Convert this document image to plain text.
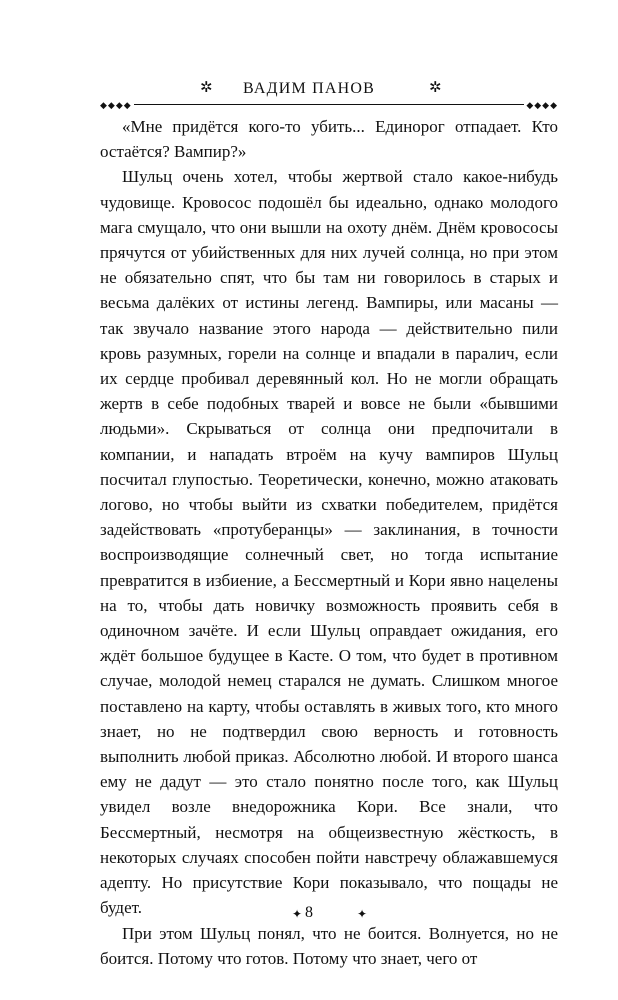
✲	ВАДИМ ПАНОВ	✲
◆◆◆◆	◆◆◆◆

«Мне придётся кого-то убить... Единорог отпадает. Кто остаётся? Вампир?»

Шульц очень хотел, чтобы жертвой стало какое-нибудь чудовище. Кровосос подошёл бы идеально, однако молодого мага смущало, что они вышли на охоту днём. Днём кровососы прячутся от убийственных для них лучей солнца, но при этом не обязательно спят, что бы там ни говорилось в старых и весьма далёких от истины легенд. Вампиры, или масаны — так звучало название этого народа — действительно пили кровь разумных, горели на солнце и впадали в паралич, если их сердце пробивал деревянный кол. Но не могли обращать жертв в себе подобных тварей и вовсе не были «бывшими людьми». Скрываться от солнца они предпочитали в компании, и нападать втроём на кучу вампиров Шульц посчитал глупостью. Теоретически, конечно, можно атаковать логово, но чтобы выйти из схватки победителем, придётся задействовать «протуберанцы» — заклинания, в точности воспроизводящие солнечный свет, но тогда испытание превратится в избиение, а Бессмертный и Кори явно нацелены на то, чтобы дать новичку возможность проявить себя в одиночном зачёте. И если Шульц оправдает ожидания, его ждёт большое будущее в Касте. О том, что будет в противном случае, молодой немец старался не думать. Слишком многое поставлено на карту, чтобы оставлять в живых того, кто много знает, но не подтвердил свою верность и готовность выполнить любой приказ. Абсолютно любой. И второго шанса ему не дадут — это стало понятно после того, как Шульц увидел возле внедорожника Кори. Все знали, что Бессмертный, несмотря на общеизвестную жёсткость, в некоторых случаях способен пойти навстречу облажавшемуся адепту. Но присутствие Кори показывало, что пощады не будет.

При этом Шульц понял, что не боится. Волнуется, но не боится. Потому что готов. Потому что знает, чего от

✦ 8	✦
